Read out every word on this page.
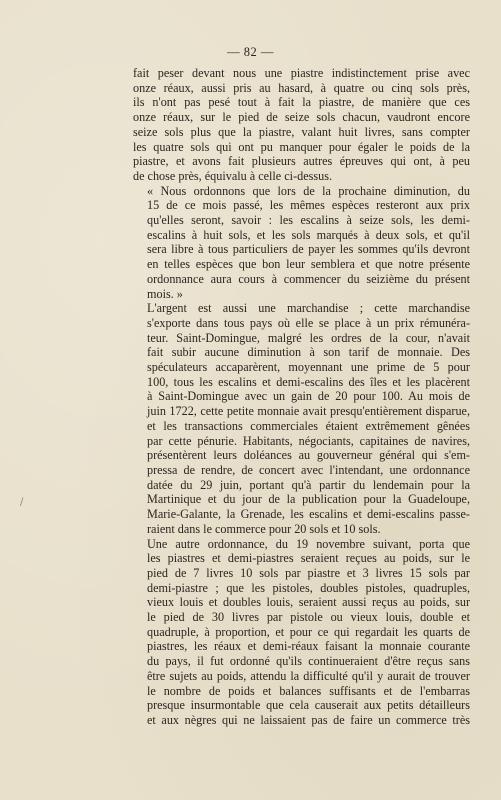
— 82 —

fait peser devant nous une piastre indistinctement prise avec
onze réaux, aussi pris au hasard, à quatre ou cinq sols près,
ils n'ont pas pesé tout à fait la piastre, de manière que ces
onze réaux, sur le pied de seize sols chacun, vaudront encore
seize sols plus que la piastre, valant huit livres, sans compter
les quatre sols qui ont pu manquer pour égaler le poids de la
piastre, et avons fait plusieurs autres épreuves qui ont, à peu
de chose près, équivalu à celle ci-dessus.

« Nous ordonnons que lors de la prochaine diminution, du
15 de ce mois passé, les mêmes espèces resteront aux prix
qu'elles seront, savoir : les escalins à seize sols, les demi-
escalins à huit sols, et les sols marqués à deux sols, et qu'il
sera libre à tous particuliers de payer les sommes qu'ils devront
en telles espèces que bon leur semblera et que notre présente
ordonnance aura cours à commencer du seizième du présent
mois. »

L'argent est aussi une marchandise ; cette marchandise
s'exporte dans tous pays où elle se place à un prix rémunéra-
teur. Saint-Domingue, malgré les ordres de la cour, n'avait
fait subir aucune diminution à son tarif de monnaie. Des
spéculateurs accaparèrent, moyennant une prime de 5 pour
100, tous les escalins et demi-escalins des îles et les placèrent
à Saint-Domingue avec un gain de 20 pour 100. Au mois de
juin 1722, cette petite monnaie avait presqu'entièrement disparue,
et les transactions commerciales étaient extrêmement gênées
par cette pénurie. Habitants, négociants, capitaines de navires,
présentèrent leurs doléances au gouverneur général qui s'em-
pressa de rendre, de concert avec l'intendant, une ordonnance
datée du 29 juin, portant qu'à partir du lendemain pour la
Martinique et du jour de la publication pour la Guadeloupe,
Marie-Galante, la Grenade, les escalins et demi-escalins passe-
raient dans le commerce pour 20 sols et 10 sols.

Une autre ordonnance, du 19 novembre suivant, porta que
les piastres et demi-piastres seraient reçues au poids, sur le
pied de 7 livres 10 sols par piastre et 3 livres 15 sols par
demi-piastre ; que les pistoles, doubles pistoles, quadruples,
vieux louis et doubles louis, seraient aussi reçus au poids, sur
le pied de 30 livres par pistole ou vieux louis, double et
quadruple, à proportion, et pour ce qui regardait les quarts de
piastres, les réaux et demi-réaux faisant la monnaie courante
du pays, il fut ordonné qu'ils continueraient d'être reçus sans
être sujets au poids, attendu la difficulté qu'il y aurait de trouver
le nombre de poids et balances suffisants et de l'embarras
presque insurmontable que cela causerait aux petits détailleurs
et aux nègres qui ne laissaient pas de faire un commerce très

/
